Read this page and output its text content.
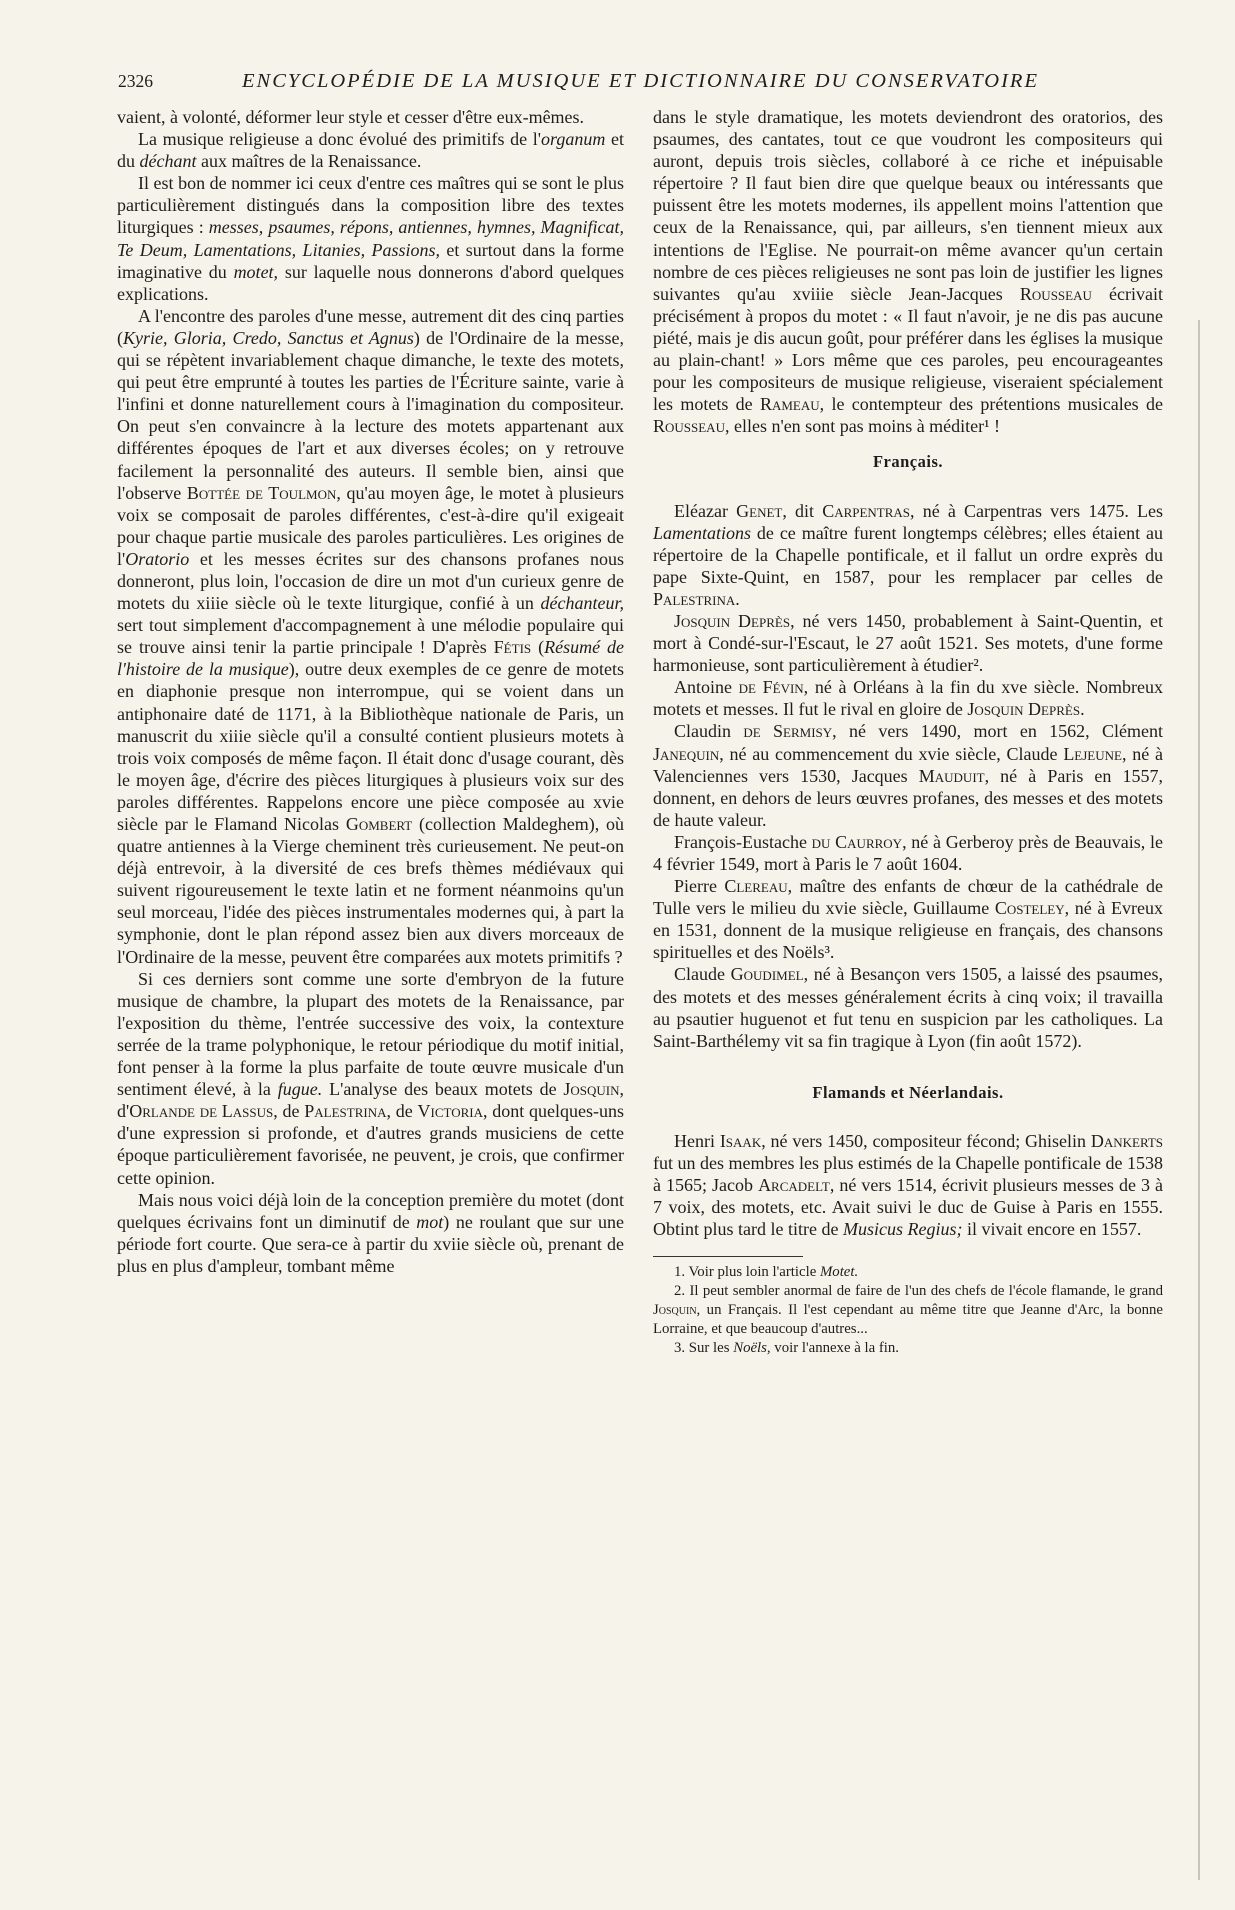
2326	ENCYCLOPÉDIE DE LA MUSIQUE ET DICTIONNAIRE DU CONSERVATOIRE

vaient, à volonté, déformer leur style et cesser d'être eux-mêmes.

La musique religieuse a donc évolué des primitifs de l'organum et du déchant aux maîtres de la Renaissance.

Il est bon de nommer ici ceux d'entre ces maîtres qui se sont le plus particulièrement distingués dans la composition libre des textes liturgiques : messes, psaumes, répons, antiennes, hymnes, Magnificat, Te Deum, Lamentations, Litanies, Passions, et surtout dans la forme imaginative du motet, sur laquelle nous donnerons d'abord quelques explications.

A l'encontre des paroles d'une messe, autrement dit des cinq parties (Kyrie, Gloria, Credo, Sanctus et Agnus) de l'Ordinaire de la messe, qui se répètent invariablement chaque dimanche, le texte des motets, qui peut être emprunté à toutes les parties de l'Écriture sainte, varie à l'infini et donne naturellement cours à l'imagination du compositeur. On peut s'en convaincre à la lecture des motets appartenant aux différentes époques de l'art et aux diverses écoles; on y retrouve facilement la personnalité des auteurs. Il semble bien, ainsi que l'observe Bottée de Toulmon, qu'au moyen âge, le motet à plusieurs voix se composait de paroles différentes, c'est-à-dire qu'il exigeait pour chaque partie musicale des paroles particulières. Les origines de l'Oratorio et les messes écrites sur des chansons profanes nous donneront, plus loin, l'occasion de dire un mot d'un curieux genre de motets du xiiie siècle où le texte liturgique, confié à un déchanteur, sert tout simplement d'accompagnement à une mélodie populaire qui se trouve ainsi tenir la partie principale ! D'après Fétis (Résumé de l'histoire de la musique), outre deux exemples de ce genre de motets en diaphonie presque non interrompue, qui se voient dans un antiphonaire daté de 1171, à la Bibliothèque nationale de Paris, un manuscrit du xiiie siècle qu'il a consulté contient plusieurs motets à trois voix composés de même façon. Il était donc d'usage courant, dès le moyen âge, d'écrire des pièces liturgiques à plusieurs voix sur des paroles différentes. Rappelons encore une pièce composée au xvie siècle par le Flamand Nicolas Gombert (collection Maldeghem), où quatre antiennes à la Vierge cheminent très curieusement. Ne peut-on déjà entrevoir, à la diversité de ces brefs thèmes médiévaux qui suivent rigoureusement le texte latin et ne forment néanmoins qu'un seul morceau, l'idée des pièces instrumentales modernes qui, à part la symphonie, dont le plan répond assez bien aux divers morceaux de l'Ordinaire de la messe, peuvent être comparées aux motets primitifs ?

Si ces derniers sont comme une sorte d'embryon de la future musique de chambre, la plupart des motets de la Renaissance, par l'exposition du thème, l'entrée successive des voix, la contexture serrée de la trame polyphonique, le retour périodique du motif initial, font penser à la forme la plus parfaite de toute œuvre musicale d'un sentiment élevé, à la fugue. L'analyse des beaux motets de Josquin, d'Orlande de Lassus, de Palestrina, de Victoria, dont quelques-uns d'une expression si profonde, et d'autres grands musiciens de cette époque particulièrement favorisée, ne peuvent, je crois, que confirmer cette opinion.

Mais nous voici déjà loin de la conception première du motet (dont quelques écrivains font un diminutif de mot) ne roulant que sur une période fort courte. Que sera-ce à partir du xviie siècle où, prenant de plus en plus d'ampleur, tombant même

dans le style dramatique, les motets deviendront des oratorios, des psaumes, des cantates, tout ce que voudront les compositeurs qui auront, depuis trois siècles, collaboré à ce riche et inépuisable répertoire ? Il faut bien dire que quelque beaux ou intéressants que puissent être les motets modernes, ils appellent moins l'attention que ceux de la Renaissance, qui, par ailleurs, s'en tiennent mieux aux intentions de l'Eglise. Ne pourrait-on même avancer qu'un certain nombre de ces pièces religieuses ne sont pas loin de justifier les lignes suivantes qu'au xviiie siècle Jean-Jacques Rousseau écrivait précisément à propos du motet : « Il faut n'avoir, je ne dis pas aucune piété, mais je dis aucun goût, pour préférer dans les églises la musique au plain-chant! » Lors même que ces paroles, peu encourageantes pour les compositeurs de musique religieuse, viseraient spécialement les motets de Rameau, le contempteur des prétentions musicales de Rousseau, elles n'en sont pas moins à méditer¹ !

Français.

Eléazar Genet, dit Carpentras, né à Carpentras vers 1475. Les Lamentations de ce maître furent longtemps célèbres; elles étaient au répertoire de la Chapelle pontificale, et il fallut un ordre exprès du pape Sixte-Quint, en 1587, pour les remplacer par celles de Palestrina.

Josquin Deprès, né vers 1450, probablement à Saint-Quentin, et mort à Condé-sur-l'Escaut, le 27 août 1521. Ses motets, d'une forme harmonieuse, sont particulièrement à étudier².

Antoine de Févin, né à Orléans à la fin du xve siècle. Nombreux motets et messes. Il fut le rival en gloire de Josquin Deprès.

Claudin de Sermisy, né vers 1490, mort en 1562, Clément Janequin, né au commencement du xvie siècle, Claude Lejeune, né à Valenciennes vers 1530, Jacques Mauduit, né à Paris en 1557, donnent, en dehors de leurs œuvres profanes, des messes et des motets de haute valeur.

François-Eustache du Caurroy, né à Gerberoy près de Beauvais, le 4 février 1549, mort à Paris le 7 août 1604.

Pierre Clereau, maître des enfants de chœur de la cathédrale de Tulle vers le milieu du xvie siècle, Guillaume Costeley, né à Evreux en 1531, donnent de la musique religieuse en français, des chansons spirituelles et des Noëls³.

Claude Goudimel, né à Besançon vers 1505, a laissé des psaumes, des motets et des messes généralement écrits à cinq voix; il travailla au psautier huguenot et fut tenu en suspicion par les catholiques. La Saint-Barthélemy vit sa fin tragique à Lyon (fin août 1572).

Flamands et Néerlandais.

Henri Isaak, né vers 1450, compositeur fécond; Ghiselin Dankerts fut un des membres les plus estimés de la Chapelle pontificale de 1538 à 1565; Jacob Arcadelt, né vers 1514, écrivit plusieurs messes de 3 à 7 voix, des motets, etc. Avait suivi le duc de Guise à Paris en 1555. Obtint plus tard le titre de Musicus Regius; il vivait encore en 1557.

1. Voir plus loin l'article Motet.

2. Il peut sembler anormal de faire de l'un des chefs de l'école flamande, le grand Josquin, un Français. Il l'est cependant au même titre que Jeanne d'Arc, la bonne Lorraine, et que beaucoup d'autres...

3. Sur les Noëls, voir l'annexe à la fin.
